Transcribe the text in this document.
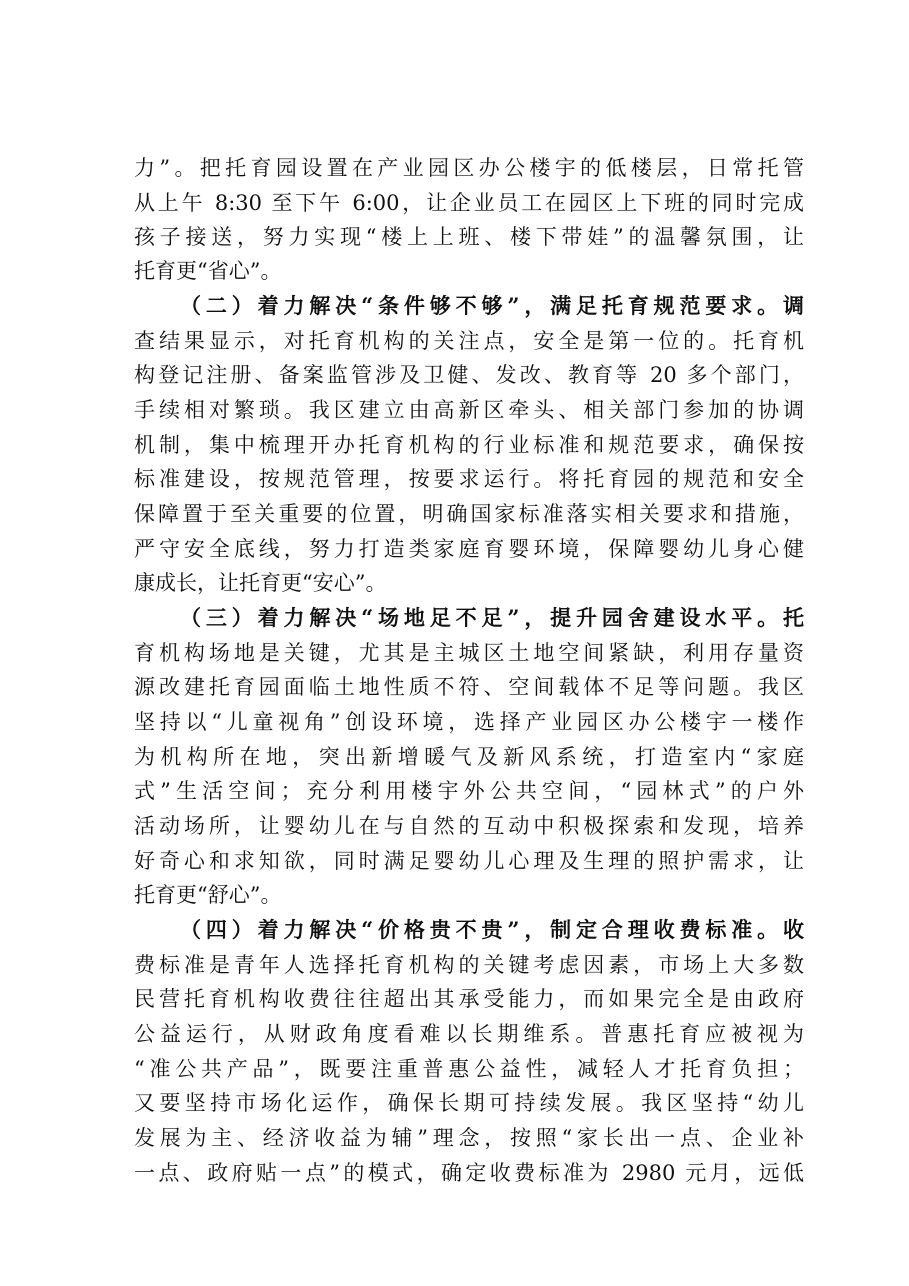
力”。把托育园设置在产业园区办公楼宇的低楼层，日常托管
从上午 8:30 至下午 6:00，让企业员工在园区上下班的同时完成
孩子接送，努力实现“楼上上班、楼下带娃”的温馨氛围，让
托育更“省心”。
（二）着力解决“条件够不够”，满足托育规范要求。调
查结果显示，对托育机构的关注点，安全是第一位的。托育机
构登记注册、备案监管涉及卫健、发改、教育等 20 多个部门，
手续相对繁琐。我区建立由高新区牵头、相关部门参加的协调
机制，集中梳理开办托育机构的行业标准和规范要求，确保按
标准建设，按规范管理，按要求运行。将托育园的规范和安全
保障置于至关重要的位置，明确国家标准落实相关要求和措施，
严守安全底线，努力打造类家庭育婴环境，保障婴幼儿身心健
康成长，让托育更“安心”。
（三）着力解决“场地足不足”，提升园舍建设水平。托
育机构场地是关键，尤其是主城区土地空间紧缺，利用存量资
源改建托育园面临土地性质不符、空间载体不足等问题。我区
坚持以“儿童视角”创设环境，选择产业园区办公楼宇一楼作
为机构所在地，突出新增暖气及新风系统，打造室内“家庭
式”生活空间；充分利用楼宇外公共空间，“园林式”的户外
活动场所，让婴幼儿在与自然的互动中积极探索和发现，培养
好奇心和求知欲，同时满足婴幼儿心理及生理的照护需求，让
托育更“舒心”。
（四）着力解决“价格贵不贵”，制定合理收费标准。收
费标准是青年人选择托育机构的关键考虑因素，市场上大多数
民营托育机构收费往往超出其承受能力，而如果完全是由政府
公益运行，从财政角度看难以长期维系。普惠托育应被视为
“准公共产品”，既要注重普惠公益性，减轻人才托育负担；
又要坚持市场化运作，确保长期可持续发展。我区坚持“幼儿
发展为主、经济收益为辅”理念，按照“家长出一点、企业补
一点、政府贴一点”的模式，确定收费标准为 2980 元月，远低
